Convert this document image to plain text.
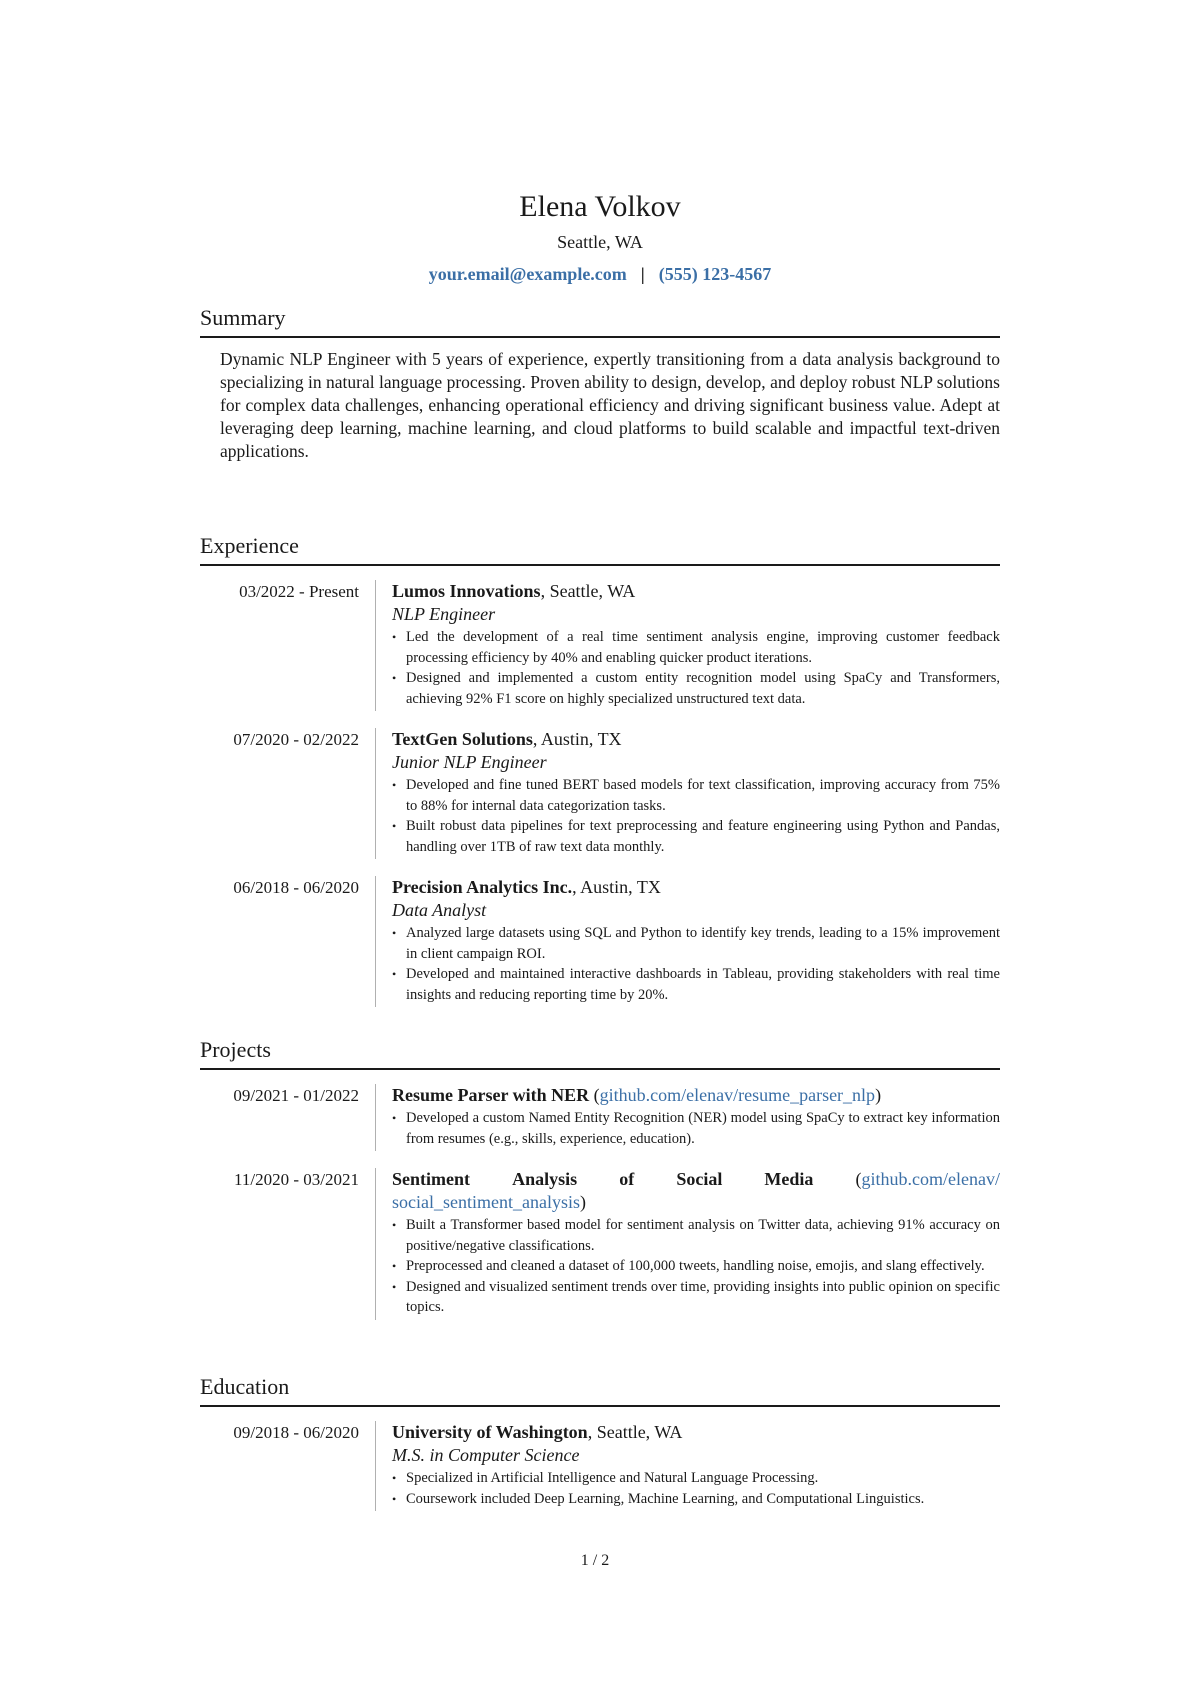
Elena Volkov
Seattle, WA
your.email@example.com | (555) 123-4567
Summary

Dynamic NLP Engineer with 5 years of experience, expertly transitioning from a data analysis background to specializing in natural language processing. Proven ability to design, develop, and deploy robust NLP solutions for complex data challenges, enhancing operational efficiency and driving significant business value. Adept at leveraging deep learning, machine learning, and cloud platforms to build scalable and impactful text-driven applications.

Experience
03/2022 - Present	Lumos Innovations, Seattle, WA
NLP Engineer
• Led the development of a real time sentiment analysis engine, improving customer feedback processing efficiency by 40% and enabling quicker product iterations.
• Designed and implemented a custom entity recognition model using SpaCy and Transformers, achieving 92% F1 score on highly specialized unstructured text data.
07/2020 - 02/2022	TextGen Solutions, Austin, TX
Junior NLP Engineer
• Developed and fine tuned BERT based models for text classification, improving accuracy from 75% to 88% for internal data categorization tasks.
• Built robust data pipelines for text preprocessing and feature engineering using Python and Pandas, handling over 1TB of raw text data monthly.
06/2018 - 06/2020	Precision Analytics Inc., Austin, TX
Data Analyst
• Analyzed large datasets using SQL and Python to identify key trends, leading to a 15% improvement in client campaign ROI.
• Developed and maintained interactive dashboards in Tableau, providing stakeholders with real time insights and reducing reporting time by 20%.
Projects
09/2021 - 01/2022	Resume Parser with NER (github.com/elenav/resume_parser_nlp)
• Developed a custom Named Entity Recognition (NER) model using SpaCy to extract key information from resumes (e.g., skills, experience, education).
11/2020 - 03/2021	Sentiment Analysis of Social Media (github.com/elenav/
social_sentiment_analysis)
• Built a Transformer based model for sentiment analysis on Twitter data, achieving 91% accuracy on positive/negative classifications.
• Preprocessed and cleaned a dataset of 100,000 tweets, handling noise, emojis, and slang effectively.
• Designed and visualized sentiment trends over time, providing insights into public opinion on specific topics.
Education
09/2018 - 06/2020	University of Washington, Seattle, WA
M.S. in Computer Science
• Specialized in Artificial Intelligence and Natural Language Processing.
• Coursework included Deep Learning, Machine Learning, and Computational Linguistics.
1 / 2
